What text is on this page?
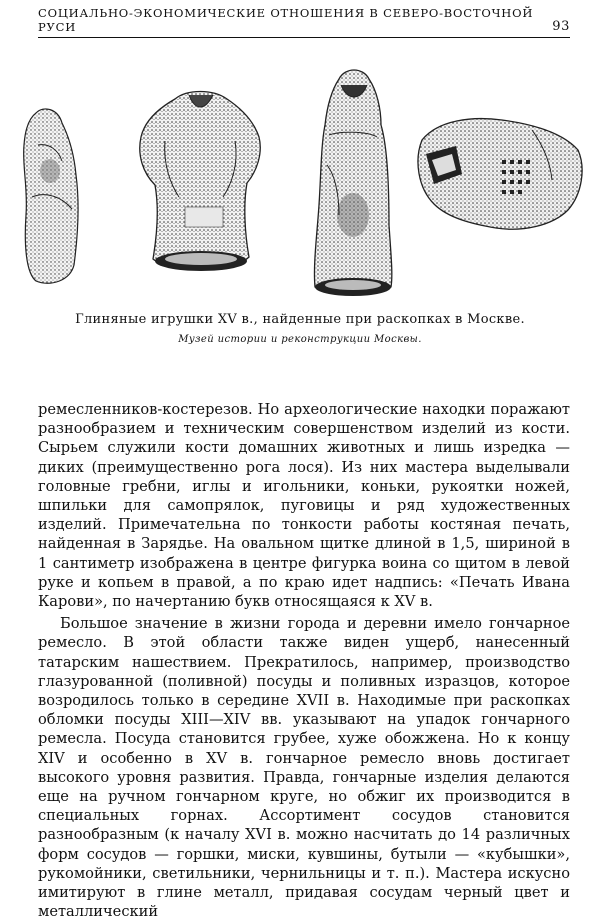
СОЦИАЛЬНО-ЭКОНОМИЧЕСКИЕ ОТНОШЕНИЯ В СЕВЕРО-ВОСТОЧНОЙ РУСИ	93
Глиняные игрушки XV в., найденные при раскопках в Москве.
Музей истории и реконструкции Москвы.

ремесленников-костерезов. Но археологические находки поражают разнообразием и техническим совершенством изделий из кости. Сырьем служили кости домашних животных и лишь изредка — диких (преимущественно рога лося). Из них мастера выделывали головные гребни, иглы и игольники, коньки, рукоятки ножей, шпильки для самопрялок, пуговицы и ряд художественных изделий. Примечательна по тонкости работы костяная печать, найденная в Зарядье. На овальном щитке длиной в 1,5, шириной в 1 сантиметр изображена в центре фигурка воина со щитом в левой руке и копьем в правой, а по краю идет надпись: «Печать Ивана Карови», по начертанию букв относящаяся к XV в.

Большое значение в жизни города и деревни имело гончарное ремесло. В этой области также виден ущерб, нанесенный татарским нашествием. Прекратилось, например, производство глазурованной (поливной) посуды и поливных изразцов, которое возродилось только в середине XVII в. Находимые при раскопках обломки посуды XIII—XIV вв. указывают на упадок гончарного ремесла. Посуда становится грубее, хуже обожжена. Но к концу XIV и особенно в XV в. гончарное ремесло вновь достигает высокого уровня развития. Правда, гончарные изделия делаются еще на ручном гончарном круге, но обжиг их производится в специальных горнах. Ассортимент сосудов становится разнообразным (к началу XVI в. можно насчитать до 14 различных форм сосудов — горшки, миски, кувшины, бутыли — «кубышки», рукомойники, светильники, чернильницы и т. п.). Мастера искусно имитируют в глине металл, придавая сосудам черный цвет и металлический
